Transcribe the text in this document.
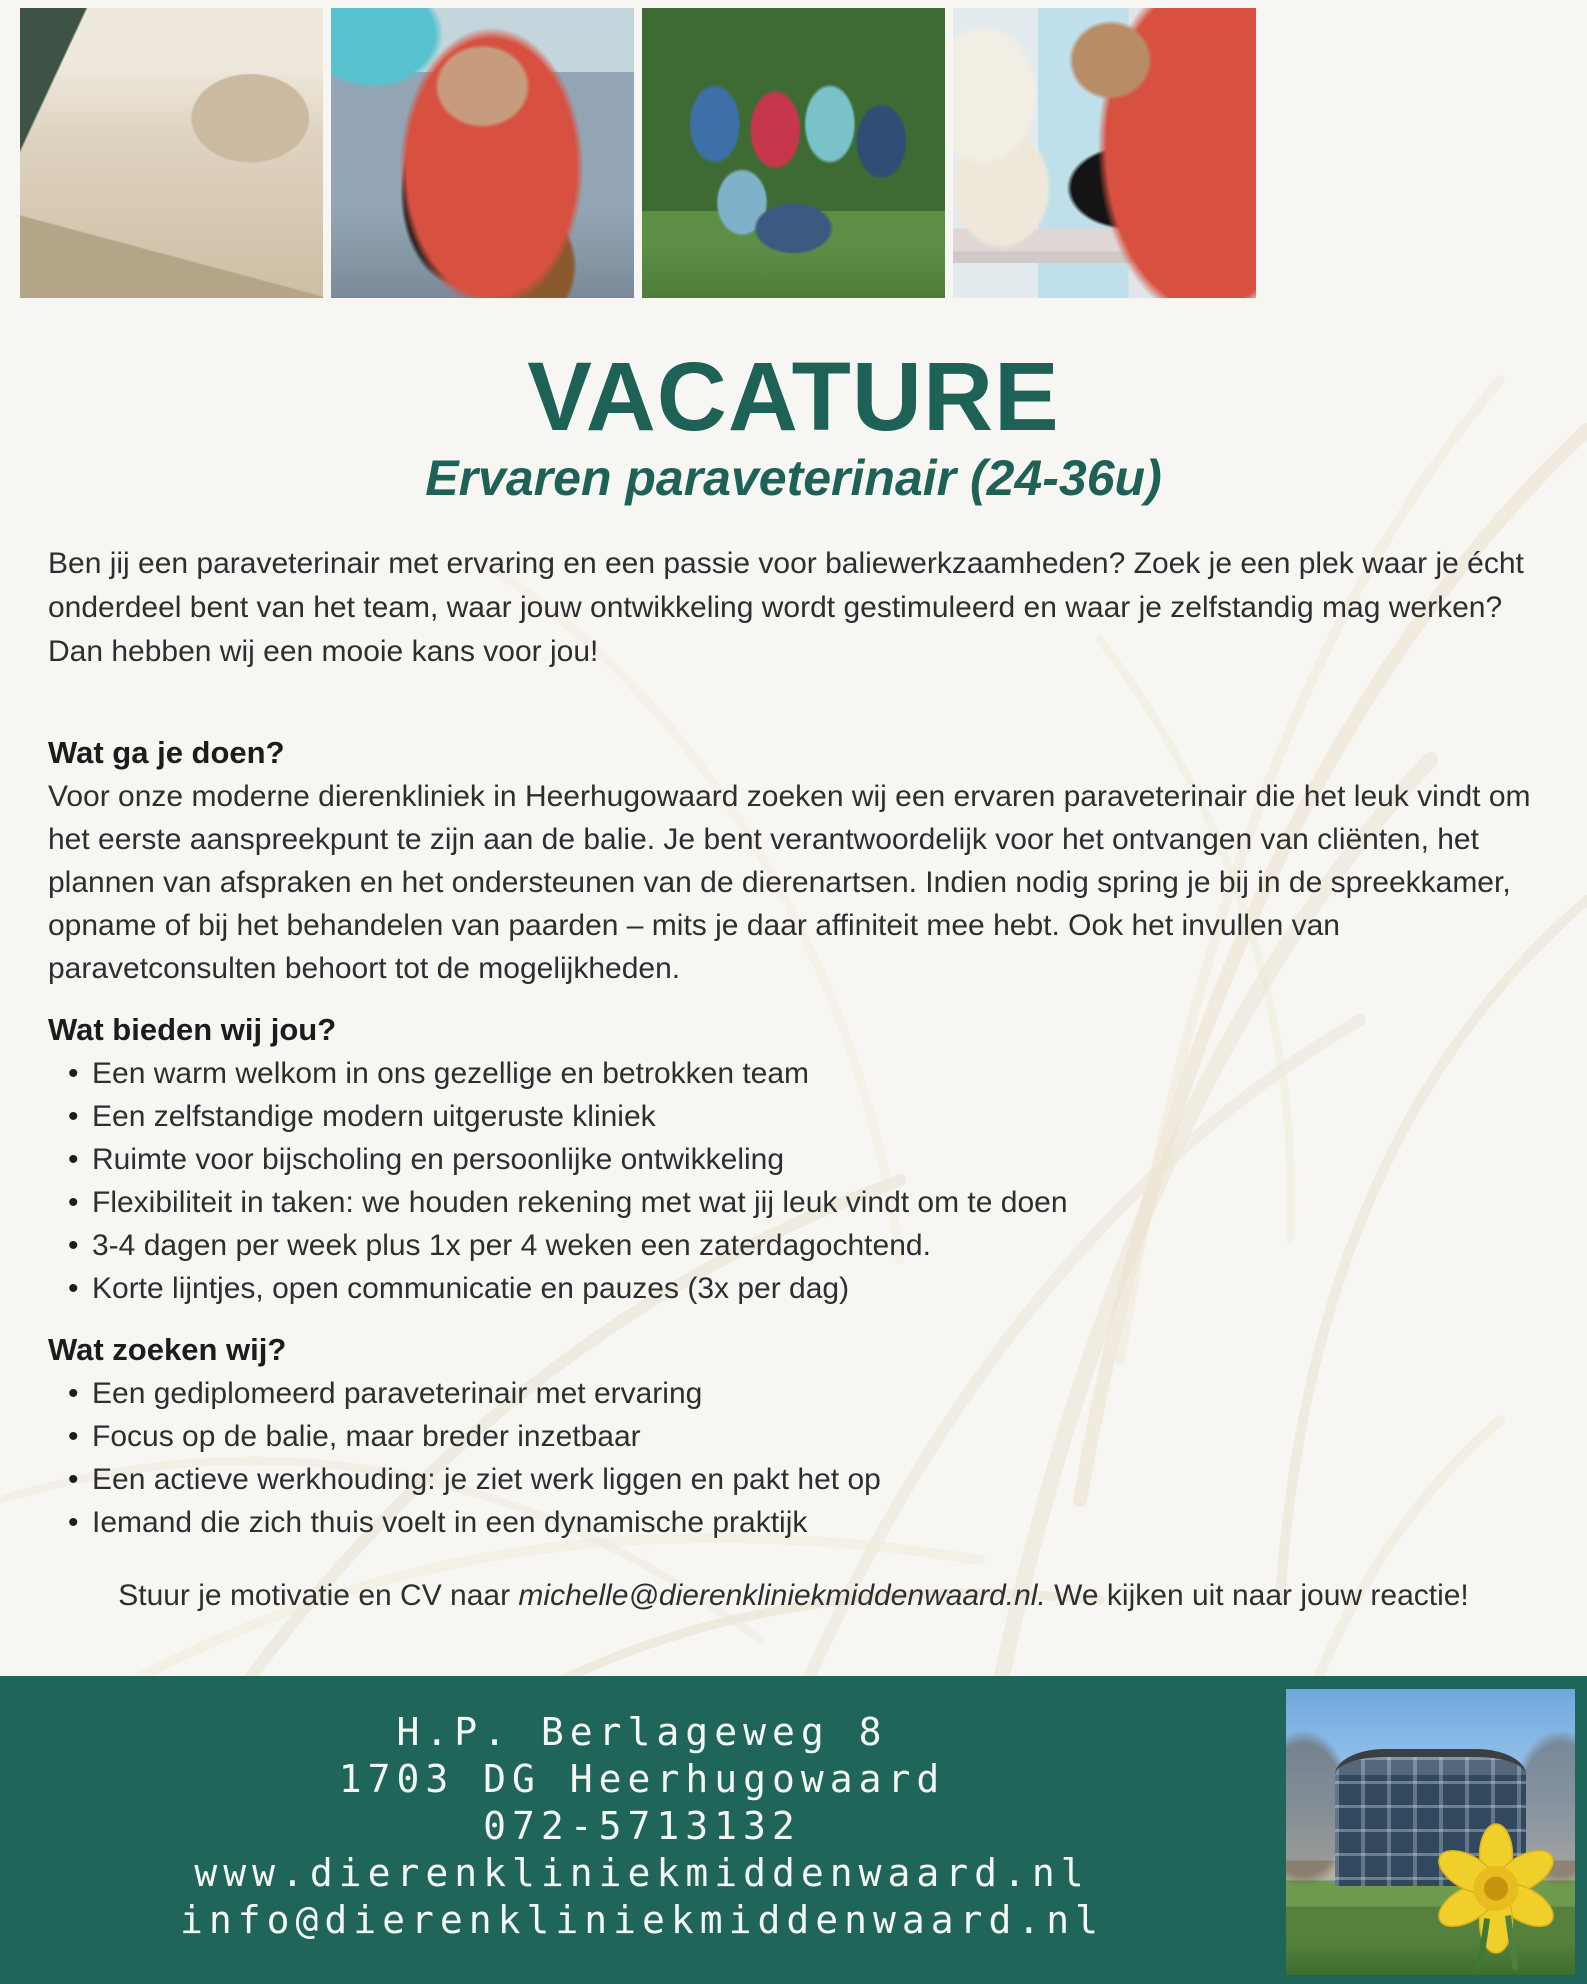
VACATURE
Ervaren paraveterinair (24-36u)

Ben jij een paraveterinair met ervaring en een passie voor baliewerkzaamheden? Zoek je een plek waar je écht onderdeel bent van het team, waar jouw ontwikkeling wordt gestimuleerd en waar je zelfstandig mag werken? Dan hebben wij een mooie kans voor jou!

Wat ga je doen?

Voor onze moderne dierenkliniek in Heerhugowaard zoeken wij een ervaren paraveterinair die het leuk vindt om het eerste aanspreekpunt te zijn aan de balie. Je bent verantwoordelijk voor het ontvangen van cliënten, het plannen van afspraken en het ondersteunen van de dierenartsen. Indien nodig spring je bij in de spreekkamer, opname of bij het behandelen van paarden – mits je daar affiniteit mee hebt. Ook het invullen van paravetconsulten behoort tot de mogelijkheden.

Wat bieden wij jou?
• Een warm welkom in ons gezellige en betrokken team
• Een zelfstandige modern uitgeruste kliniek
• Ruimte voor bijscholing en persoonlijke ontwikkeling
• Flexibiliteit in taken: we houden rekening met wat jij leuk vindt om te doen
• 3-4 dagen per week plus 1x per 4 weken een zaterdagochtend.
• Korte lijntjes, open communicatie en pauzes (3x per dag)
Wat zoeken wij?
• Een gediplomeerd paraveterinair met ervaring
• Focus op de balie, maar breder inzetbaar
• Een actieve werkhouding: je ziet werk liggen en pakt het op
• Iemand die zich thuis voelt in een dynamische praktijk

Stuur je motivatie en CV naar michelle@dierenkliniekmiddenwaard.nl. We kijken uit naar jouw reactie!

H.P. Berlageweg 8
1703 DG Heerhugowaard
072-5713132
www.dierenkliniekmiddenwaard.nl
info@dierenkliniekmiddenwaard.nl
